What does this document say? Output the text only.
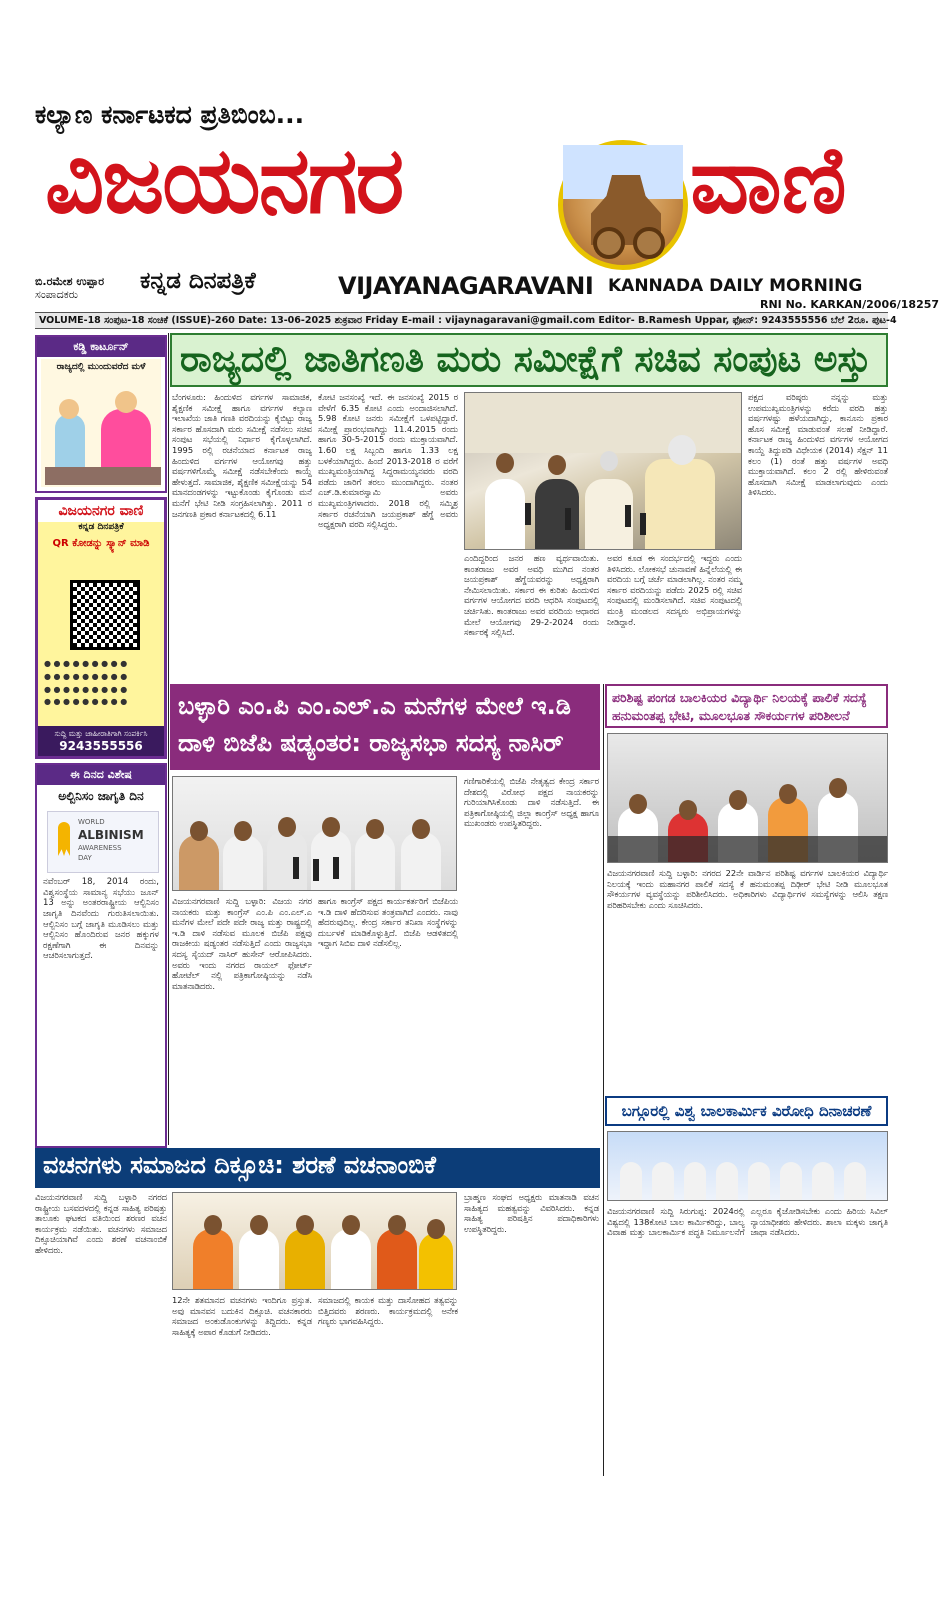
ಕಲ್ಯಾಣ ಕರ್ನಾಟಕದ ಪ್ರತಿಬಿಂಬ...
ವಿಜಯನಗರ	ವಾಣಿ
ಬಿ.ರಮೇಶ ಉಪ್ಪಾರ
ಸಂಪಾದಕರು
ಕನ್ನಡ ದಿನಪತ್ರಿಕೆ	VIJAYANAGARAVANI KANNADA DAILY MORNING
RNI No. KARKAN/2006/18257
VOLUME-18 ಸಂಪುಟ-18 ಸಂಚಿಕೆ (ISSUE)-260 Date: 13-06-2025 ಶುಕ್ರವಾರ Friday E-mail : vijaynagaravani@gmail.com Editor- B.Ramesh Uppar, ಫೋನ್: 9243555556 ಬೆಲೆ 2ರೂ. ಪುಟ-4
ಕಡ್ಡಿ ಕಾರ್ಟೂನ್
ರಾಜ್ಯದಲ್ಲಿ ಮುಂದುವರೆದ ಮಳೆ
ವಿಜಯನಗರ ವಾಣಿ
ಕನ್ನಡ ದಿನಪತ್ರಿಕೆ
QR ಕೋಡನ್ನು ಸ್ಕ್ಯಾನ್ ಮಾಡಿ
● ● ● ● ● ● ● ● ●
● ● ● ● ● ● ● ● ●
● ● ● ● ● ● ● ● ●
● ● ● ● ● ● ● ● ●
ಸುದ್ದಿ ಮತ್ತು ಜಾಹೀರಾತಿಗಾಗಿ ಸಂಪರ್ಕಿಸಿ
9243555556
ಈ ದಿನದ ವಿಶೇಷ
ಅಲ್ಬಿನಿಸಂ ಜಾಗೃತಿ ದಿನ
WORLD
ALBINISM
AWARENESS
DAY
ನವೆಂಬರ್ 18, 2014 ರಂದು, ವಿಶ್ವಸಂಸ್ಥೆಯ ಸಾಮಾನ್ಯ ಸಭೆಯು ಜೂನ್ 13 ಅನ್ನು ಅಂತರರಾಷ್ಟ್ರೀಯ ಆಲ್ಬಿನಿಸಂ ಜಾಗೃತಿ ದಿನವೆಂದು ಗುರುತಿಸಲಾಯಿತು. ಆಲ್ಬಿನಿಸಂ ಬಗ್ಗೆ ಜಾಗೃತಿ ಮೂಡಿಸಲು ಮತ್ತು ಆಲ್ಬಿನಿಸಂ ಹೊಂದಿರುವ ಜನರ ಹಕ್ಕುಗಳ ರಕ್ಷಣೆಗಾಗಿ ಈ ದಿನವನ್ನು ಆಚರಿಸಲಾಗುತ್ತದೆ.
ರಾಜ್ಯದಲ್ಲಿ ಜಾತಿಗಣತಿ ಮರು ಸಮೀಕ್ಷೆಗೆ ಸಚಿವ ಸಂಪುಟ ಅಸ್ತು
ಬೆಂಗಳೂರು: ಹಿಂದುಳಿದ ವರ್ಗಗಳ ಸಾಮಾಜಿಕ, ಶೈಕ್ಷಣಿಕ ಸಮೀಕ್ಷೆ ಹಾಗೂ ವರ್ಗಗಳ ಕಲ್ಯಾಣ ಇಲಾಖೆಯ ಜಾತಿ ಗಣತಿ ವರದಿಯನ್ನು ಕೈಬಿಟ್ಟು ರಾಜ್ಯ ಸರ್ಕಾರ ಹೊಸದಾಗಿ ಮರು ಸಮೀಕ್ಷೆ ನಡೆಸಲು ಸಚಿವ ಸಂಪುಟ ಸಭೆಯಲ್ಲಿ ನಿರ್ಧಾರ ಕೈಗೊಳ್ಳಲಾಗಿದೆ. 1995 ರಲ್ಲಿ ರಚನೆಯಾದ ಕರ್ನಾಟಕ ರಾಜ್ಯ ಹಿಂದುಳಿದ ವರ್ಗಗಳ ಆಯೋಗವು ಹತ್ತು ವರ್ಷಗಳಿಗೊಮ್ಮೆ ಸಮೀಕ್ಷೆ ನಡೆಸಬೇಕೆಂದು ಕಾಯ್ದೆ ಹೇಳುತ್ತದೆ. ಸಾಮಾಜಿಕ, ಶೈಕ್ಷಣಿಕ ಸಮೀಕ್ಷೆಯನ್ನು 54 ಮಾನದಂಡಗಳನ್ನು ಇಟ್ಟುಕೊಂಡು ಕೈಗೊಂಡು ಮನೆ ಮನೆಗೆ ಭೇಟಿ ನೀಡಿ ಸಂಗ್ರಹಿಸಲಾಗಿತ್ತು. 2011 ರ ಜನಗಣತಿ ಪ್ರಕಾರ ಕರ್ನಾಟಕದಲ್ಲಿ 6.11
ಕೋಟಿ ಜನಸಂಖ್ಯೆ ಇದೆ. ಈ ಜನಸಂಖ್ಯೆ 2015 ರ ವೇಳೆಗೆ 6.35 ಕೋಟಿ ಎಂದು ಅಂದಾಜಿಸಲಾಗಿದೆ. 5.98 ಕೋಟಿ ಜನರು ಸಮೀಕ್ಷೆಗೆ ಒಳಪಟ್ಟಿದ್ದಾರೆ. ಸಮೀಕ್ಷೆ ಪ್ರಾರಂಭವಾಗಿದ್ದು 11.4.2015 ರಂದು ಹಾಗೂ 30-5-2015 ರಂದು ಮುಕ್ತಾಯವಾಗಿದೆ. 1.60 ಲಕ್ಷ ಸಿಬ್ಬಂದಿ ಹಾಗೂ 1.33 ಲಕ್ಷ ಬಳಕೆಯಾಗಿದ್ದರು. ಹಿಂದೆ 2013-2018 ರ ವರೆಗೆ ಮುಖ್ಯಮಂತ್ರಿಯಾಗಿದ್ದ ಸಿದ್ದರಾಮಯ್ಯನವರು ವರದಿ ಪಡೆದು ಜಾರಿಗೆ ತರಲು ಮುಂದಾಗಿದ್ದರು. ನಂತರ ಎಚ್.ಡಿ.ಕುಮಾರಸ್ವಾಮಿ ಅವರು ಮುಖ್ಯಮಂತ್ರಿಗಳಾದರು. 2018 ರಲ್ಲಿ ಸಮ್ಮಿಶ್ರ ಸರ್ಕಾರ ರಚನೆಯಾಗಿ ಜಯಪ್ರಕಾಶ್ ಹೆಗ್ಡೆ ಅವರು ಅಧ್ಯಕ್ಷರಾಗಿ ವರದಿ ಸಲ್ಲಿಸಿದ್ದರು.
ಎಂದಿದ್ದರಿಂದ ಜನರ ಹಣ ವ್ಯರ್ಥವಾಯಿತು. ಕಾಂತರಾಜು ಅವರ ಅವಧಿ ಮುಗಿದ ನಂತರ ಜಯಪ್ರಕಾಶ್ ಹೆಗ್ಡೆಯವರನ್ನು ಅಧ್ಯಕ್ಷರಾಗಿ ನೇಮಿಸಲಾಯಿತು. ಸರ್ಕಾರ ಈ ಕುರಿತು ಹಿಂದುಳಿದ ವರ್ಗಗಳ ಆಯೋಗದ ವರದಿ ಆಧರಿಸಿ ಸಂಪುಟದಲ್ಲಿ ಚರ್ಚಿಸಿತು. ಕಾಂತರಾಜು ಅವರ ವರದಿಯ ಆಧಾರದ ಮೇಲೆ ಆಯೋಗವು 29-2-2024 ರಂದು ಸರ್ಕಾರಕ್ಕೆ ಸಲ್ಲಿಸಿದೆ.
ಅವರ ಕೂಡ ಈ ಸಂದರ್ಭದಲ್ಲಿ ಇದ್ದರು ಎಂದು ತಿಳಿಸಿದರು. ಲೋಕಸಭೆ ಚುನಾವಣೆ ಹಿನ್ನೆಲೆಯಲ್ಲಿ ಈ ವರದಿಯ ಬಗ್ಗೆ ಚರ್ಚೆ ಮಾಡಲಾಗಿಲ್ಲ. ನಂತರ ನಮ್ಮ ಸರ್ಕಾರ ವರದಿಯನ್ನು ಪಡೆದು 2025 ರಲ್ಲಿ ಸಚಿವ ಸಂಪುಟದಲ್ಲಿ ಮಂಡಿಸಲಾಗಿದೆ. ಸಚಿವ ಸಂಪುಟದಲ್ಲಿ ಮಂತ್ರಿ ಮಂಡಲದ ಸದಸ್ಯರು ಅಭಿಪ್ರಾಯಗಳನ್ನು ನೀಡಿದ್ದಾರೆ.
ಪಕ್ಷದ ವರಿಷ್ಠರು ನನ್ನನ್ನು ಮತ್ತು ಉಪಮುಖ್ಯಮಂತ್ರಿಗಳನ್ನು ಕರೆದು ವರದಿ ಹತ್ತು ವರ್ಷಗಳಷ್ಟು ಹಳೆಯದಾಗಿದ್ದು, ಕಾನೂನು ಪ್ರಕಾರ ಹೊಸ ಸಮೀಕ್ಷೆ ಮಾಡುವಂತೆ ಸಲಹೆ ನೀಡಿದ್ದಾರೆ. ಕರ್ನಾಟಕ ರಾಜ್ಯ ಹಿಂದುಳಿದ ವರ್ಗಗಳ ಆಯೋಗದ ಕಾಯ್ದೆ ತಿದ್ದುಪಡಿ ವಿಧೇಯಕ (2014) ಸೆಕ್ಷನ್ 11 ಕಲಂ (1) ರಂತೆ ಹತ್ತು ವರ್ಷಗಳ ಅವಧಿ ಮುಕ್ತಾಯವಾಗಿದೆ. ಕಲಂ 2 ರಲ್ಲಿ ಹೇಳಿರುವಂತೆ ಹೊಸದಾಗಿ ಸಮೀಕ್ಷೆ ಮಾಡಲಾಗುವುದು ಎಂದು ತಿಳಿಸಿದರು.
ಬಳ್ಳಾರಿ ಎಂ.ಪಿ ಎಂ.ಎಲ್.ಎ ಮನೆಗಳ ಮೇಲೆ ಇ.ಡಿ ದಾಳಿ ಬಿಜೆಪಿ ಷಡ್ಯಂತರ: ರಾಜ್ಯಸಭಾ ಸದಸ್ಯ ನಾಸಿರ್
ವಿಜಯನಗರವಾಣಿ ಸುದ್ದಿ ಬಳ್ಳಾರಿ: ವಿಜಯ ನಗರ ನಾಯಕರು ಮತ್ತು ಕಾಂಗ್ರೆಸ್ ಎಂ.ಪಿ ಎಂ.ಎಲ್.ಎ ಮನೆಗಳ ಮೇಲೆ ಪದೇ ಪದೇ ರಾಜ್ಯ ಮತ್ತು ರಾಷ್ಟ್ರದಲ್ಲಿ ಇ.ಡಿ ದಾಳಿ ನಡೆಸುವ ಮೂಲಕ ಬಿಜೆಪಿ ಪಕ್ಷವು ರಾಜಕೀಯ ಷಡ್ಯಂತರ ನಡೆಸುತ್ತಿದೆ ಎಂದು ರಾಜ್ಯಸಭಾ ಸದಸ್ಯ ಸೈಯದ್ ನಾಸಿರ್ ಹುಸೇನ್ ಆರೋಪಿಸಿದರು. ಅವರು ಇಂದು ನಗರದ ರಾಯಲ್ ಫೋರ್ಟ್ ಹೋಟೆಲ್ ನಲ್ಲಿ ಪತ್ರಿಕಾಗೋಷ್ಠಿಯನ್ನು ನಡೆಸಿ ಮಾತನಾಡಿದರು.
ಹಾಗೂ ಕಾಂಗ್ರೆಸ್ ಪಕ್ಷದ ಕಾರ್ಯಕರ್ತರಿಗೆ ಬಿಜೆಪಿಯ ಇ.ಡಿ ದಾಳಿ ಹೆದರಿಸುವ ತಂತ್ರವಾಗಿದೆ ಎಂದರು. ನಾವು ಹೆದರುವುದಿಲ್ಲ. ಕೇಂದ್ರ ಸರ್ಕಾರ ತನಿಖಾ ಸಂಸ್ಥೆಗಳನ್ನು ದುರ್ಬಳಕೆ ಮಾಡಿಕೊಳ್ಳುತ್ತಿದೆ. ಬಿಜೆಪಿ ಆಡಳಿತದಲ್ಲಿ ಇದ್ದಾಗ ಸಿಬಿಐ ದಾಳಿ ನಡೆಸಲಿಲ್ಲ.
ಗಣಿಗಾರಿಕೆಯಲ್ಲಿ ಬಿಜೆಪಿ ನೇತೃತ್ವದ ಕೇಂದ್ರ ಸರ್ಕಾರ ದೇಶದಲ್ಲಿ ವಿರೋಧ ಪಕ್ಷದ ನಾಯಕರನ್ನು ಗುರಿಯಾಗಿಸಿಕೊಂಡು ದಾಳಿ ನಡೆಸುತ್ತಿದೆ. ಈ ಪತ್ರಿಕಾಗೋಷ್ಠಿಯಲ್ಲಿ ಜಿಲ್ಲಾ ಕಾಂಗ್ರೆಸ್ ಅಧ್ಯಕ್ಷ ಹಾಗೂ ಮುಖಂಡರು ಉಪಸ್ಥಿತರಿದ್ದರು.
ಪರಿಶಿಷ್ಟ ಪಂಗಡ ಬಾಲಕಿಯರ ವಿದ್ಯಾರ್ಥಿ ನಿಲಯಕ್ಕೆ ಪಾಲಿಕೆ ಸದಸ್ಯೆ ಹನುಮಂತಪ್ಪ ಭೇಟಿ, ಮೂಲಭೂತ ಸೌಕರ್ಯಗಳ ಪರಿಶೀಲನೆ
ವಿಜಯನಗರವಾಣಿ ಸುದ್ದಿ ಬಳ್ಳಾರಿ: ನಗರದ 22ನೇ ವಾರ್ಡಿನ ಪರಿಶಿಷ್ಟ ವರ್ಗಗಳ ಬಾಲಕಿಯರ ವಿದ್ಯಾರ್ಥಿ ನಿಲಯಕ್ಕೆ ಇಂದು ಮಹಾನಗರ ಪಾಲಿಕೆ ಸದಸ್ಯೆ ಕೆ ಹನುಮಂತಪ್ಪ ದಿಢೀರ್ ಭೇಟಿ ನೀಡಿ ಮೂಲಭೂತ ಸೌಕರ್ಯಗಳ ವ್ಯವಸ್ಥೆಯನ್ನು ಪರಿಶೀಲಿಸಿದರು. ಅಧಿಕಾರಿಗಳು ವಿದ್ಯಾರ್ಥಿಗಳ ಸಮಸ್ಯೆಗಳನ್ನು ಆಲಿಸಿ ತಕ್ಷಣ ಪರಿಹರಿಸಬೇಕು ಎಂದು ಸೂಚಿಸಿದರು.
ಬಗ್ಗೂರಲ್ಲಿ ವಿಶ್ವ ಬಾಲಕಾರ್ಮಿಕ ವಿರೋಧಿ ದಿನಾಚರಣೆ
ವಿಜಯನಗರವಾಣಿ ಸುದ್ದಿ ಸಿರುಗುಪ್ಪ: 2024ರಲ್ಲಿ ವಿಶ್ವದಲ್ಲಿ 138ಕೋಟಿ ಬಾಲ ಕಾರ್ಮಿಕರಿದ್ದು, ಬಾಲ್ಯ ವಿವಾಹ ಮತ್ತು ಬಾಲಕಾರ್ಮಿಕ ಪದ್ಧತಿ ನಿರ್ಮೂಲನೆಗೆ ಎಲ್ಲರೂ ಕೈಜೋಡಿಸಬೇಕು ಎಂದು ಹಿರಿಯ ಸಿವಿಲ್ ನ್ಯಾಯಾಧೀಶರು ಹೇಳಿದರು. ಶಾಲಾ ಮಕ್ಕಳು ಜಾಗೃತಿ ಜಾಥಾ ನಡೆಸಿದರು.
ವಚನಗಳು ಸಮಾಜದ ದಿಕ್ಸೂಚಿ: ಶರಣೆ ವಚನಾಂಬಿಕೆ
ವಿಜಯನಗರವಾಣಿ ಸುದ್ದಿ ಬಳ್ಳಾರಿ ನಗರದ ರಾಷ್ಟ್ರೀಯ ಬಸವದಳದಲ್ಲಿ ಕನ್ನಡ ಸಾಹಿತ್ಯ ಪರಿಷತ್ತು ತಾಲೂಕು ಘಟಕದ ವತಿಯಿಂದ ಶರಣರ ವಚನ ಕಾರ್ಯಕ್ರಮ ನಡೆಯಿತು. ವಚನಗಳು ಸಮಾಜದ ದಿಕ್ಸೂಚಿಯಾಗಿವೆ ಎಂದು ಶರಣೆ ವಚನಾಂಬಿಕೆ ಹೇಳಿದರು.
12ನೇ ಶತಮಾನದ ವಚನಗಳು ಇಂದಿಗೂ ಪ್ರಸ್ತುತ. ಅವು ಮಾನವನ ಬದುಕಿನ ದಿಕ್ಸೂಚಿ. ವಚನಕಾರರು ಸಮಾಜದ ಅಂಕುಡೊಂಕುಗಳನ್ನು ತಿದ್ದಿದರು. ಕನ್ನಡ ಸಾಹಿತ್ಯಕ್ಕೆ ಅಪಾರ ಕೊಡುಗೆ ನೀಡಿದರು.
ಸಮಾಜದಲ್ಲಿ ಕಾಯಕ ಮತ್ತು ದಾಸೋಹದ ತತ್ವವನ್ನು ಬಿತ್ತಿದವರು ಶರಣರು. ಕಾರ್ಯಕ್ರಮದಲ್ಲಿ ಅನೇಕ ಗಣ್ಯರು ಭಾಗವಹಿಸಿದ್ದರು.
ಬ್ರಾಹ್ಮಣ ಸಂಘದ ಅಧ್ಯಕ್ಷರು ಮಾತನಾಡಿ ವಚನ ಸಾಹಿತ್ಯದ ಮಹತ್ವವನ್ನು ವಿವರಿಸಿದರು. ಕನ್ನಡ ಸಾಹಿತ್ಯ ಪರಿಷತ್ತಿನ ಪದಾಧಿಕಾರಿಗಳು ಉಪಸ್ಥಿತರಿದ್ದರು.
